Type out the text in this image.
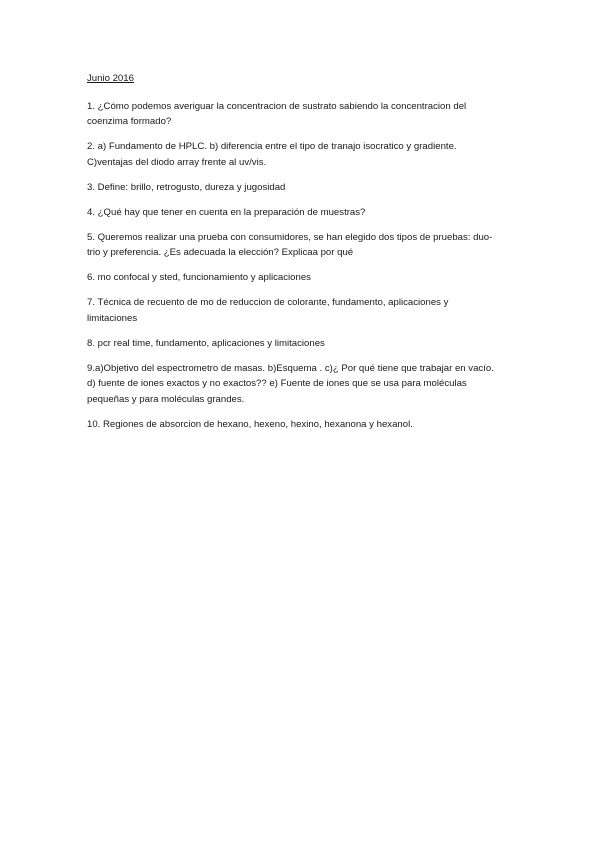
Junio 2016
1. ¿Cómo podemos averiguar la concentracion de sustrato sabiendo la concentracion del
coenzima formado?
2. a) Fundamento de HPLC. b) diferencia entre el tipo de tranajo isocratico y gradiente.
C)ventajas del diodo array frente al uv/vis.
3. Define: brillo, retrogusto, dureza y jugosidad
4. ¿Qué hay que tener en cuenta en la preparación de muestras?
5. Queremos realizar una prueba con consumidores, se han elegido dos tipos de pruebas: duo-
trio y preferencia. ¿Es adecuada la elección? Explicaa por qué
6. mo confocal y sted, funcionamiento y aplicaciones
7. Técnica de recuento de mo de reduccion de colorante, fundamento, aplicaciones y
limitaciones
8. pcr real time, fundamento, aplicaciones y limitaciones
9.a)Objetivo del espectrometro de masas. b)Esquema . c)¿ Por qué tiene que trabajar en vacío.
d) fuente de iones exactos y no exactos?? e) Fuente de iones que se usa para moléculas
pequeñas y para moléculas grandes.
10. Regiones de absorcion de hexano, hexeno, hexino, hexanona y hexanol.
